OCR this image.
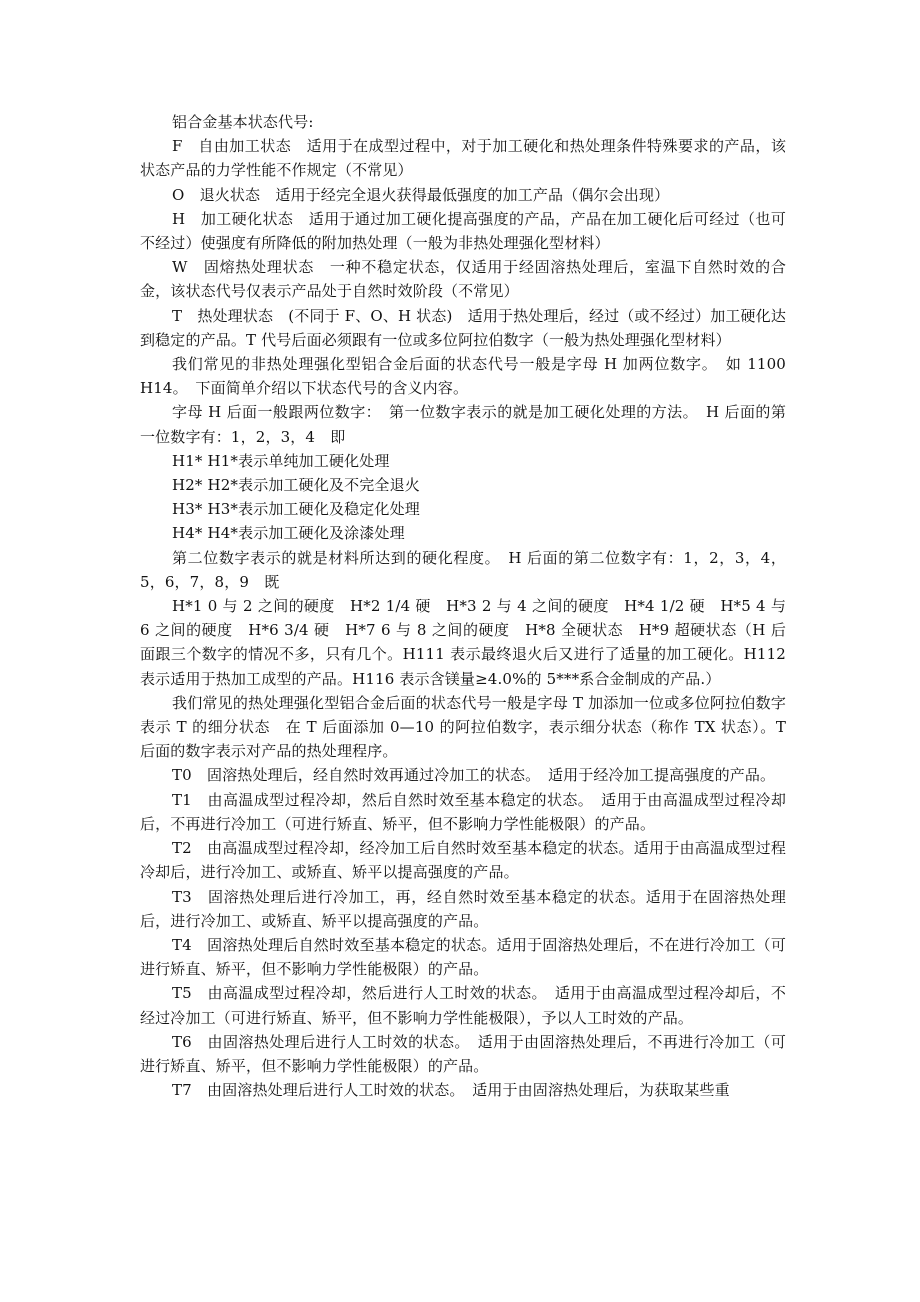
铝合金基本状态代号:

F　自由加工状态　适用于在成型过程中，对于加工硬化和热处理条件特殊要求的产品，该状态产品的力学性能不作规定（不常见）

O　退火状态　适用于经完全退火获得最低强度的加工产品（偶尔会出现）

H　加工硬化状态　适用于通过加工硬化提高强度的产品，产品在加工硬化后可经过（也可不经过）使强度有所降低的附加热处理（一般为非热处理强化型材料）

W　固熔热处理状态　一种不稳定状态，仅适用于经固溶热处理后，室温下自然时效的合金，该状态代号仅表示产品处于自然时效阶段（不常见）

T　热处理状态　(不同于 F、O、H 状态)　适用于热处理后，经过（或不经过）加工硬化达到稳定的产品。T 代号后面必须跟有一位或多位阿拉伯数字（一般为热处理强化型材料）

我们常见的非热处理强化型铝合金后面的状态代号一般是字母 H 加两位数字。　如 1100 H14。　下面简单介绍以下状态代号的含义内容。

字母 H 后面一般跟两位数字：　第一位数字表示的就是加工硬化处理的方法。　H 后面的第一位数字有：1，2，3，4　即

H1* H1*表示单纯加工硬化处理

H2* H2*表示加工硬化及不完全退火

H3* H3*表示加工硬化及稳定化处理

H4* H4*表示加工硬化及涂漆处理

第二位数字表示的就是材料所达到的硬化程度。　H 后面的第二位数字有：1，2，3，4，5，6，7，8，9　既

H*1 0 与 2 之间的硬度　H*2 1/4 硬　H*3 2 与 4 之间的硬度　H*4 1/2 硬　H*5 4 与 6 之间的硬度　H*6 3/4 硬　H*7 6 与 8 之间的硬度　H*8 全硬状态　H*9 超硬状态（H 后面跟三个数字的情况不多，只有几个。H111 表示最终退火后又进行了适量的加工硬化。H112 表示适用于热加工成型的产品。H116 表示含镁量≥4.0%的 5***系合金制成的产品.）

我们常见的热处理强化型铝合金后面的状态代号一般是字母 T 加添加一位或多位阿拉伯数字表示 T 的细分状态　在 T 后面添加 0—10 的阿拉伯数字，表示细分状态（称作 TX 状态）。T 后面的数字表示对产品的热处理程序。

T0　固溶热处理后，经自然时效再通过冷加工的状态。　适用于经冷加工提高强度的产品。

T1　由高温成型过程冷却，然后自然时效至基本稳定的状态。　适用于由高温成型过程冷却后，不再进行冷加工（可进行矫直、矫平，但不影响力学性能极限）的产品。

T2　由高温成型过程冷却，经冷加工后自然时效至基本稳定的状态。适用于由高温成型过程冷却后，进行冷加工、或矫直、矫平以提高强度的产品。

T3　固溶热处理后进行冷加工，再，经自然时效至基本稳定的状态。适用于在固溶热处理后，进行冷加工、或矫直、矫平以提高强度的产品。

T4　固溶热处理后自然时效至基本稳定的状态。适用于固溶热处理后，不在进行冷加工（可进行矫直、矫平，但不影响力学性能极限）的产品。

T5　由高温成型过程冷却，然后进行人工时效的状态。　适用于由高温成型过程冷却后，不经过冷加工（可进行矫直、矫平，但不影响力学性能极限），予以人工时效的产品。

T6　由固溶热处理后进行人工时效的状态。　适用于由固溶热处理后，不再进行冷加工（可进行矫直、矫平，但不影响力学性能极限）的产品。

T7　由固溶热处理后进行人工时效的状态。　适用于由固溶热处理后，为获取某些重
